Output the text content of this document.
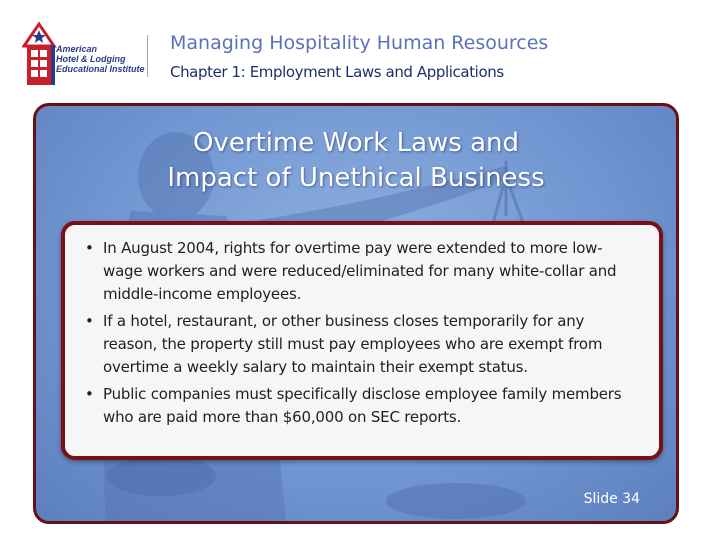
American
Hotel & Lodging
Educational Institute
Managing Hospitality Human Resources
Chapter 1: Employment Laws and Applications
Overtime Work Laws and
Impact of Unethical Business
• In August 2004, rights for overtime pay were extended to more low-wage workers and were reduced/eliminated for many white-collar and middle-income employees.
• If a hotel, restaurant, or other business closes temporarily for any reason, the property still must pay employees who are exempt from overtime a weekly salary to maintain their exempt status.
• Public companies must specifically disclose employee family members who are paid more than $60,000 on SEC reports.
Slide 34
